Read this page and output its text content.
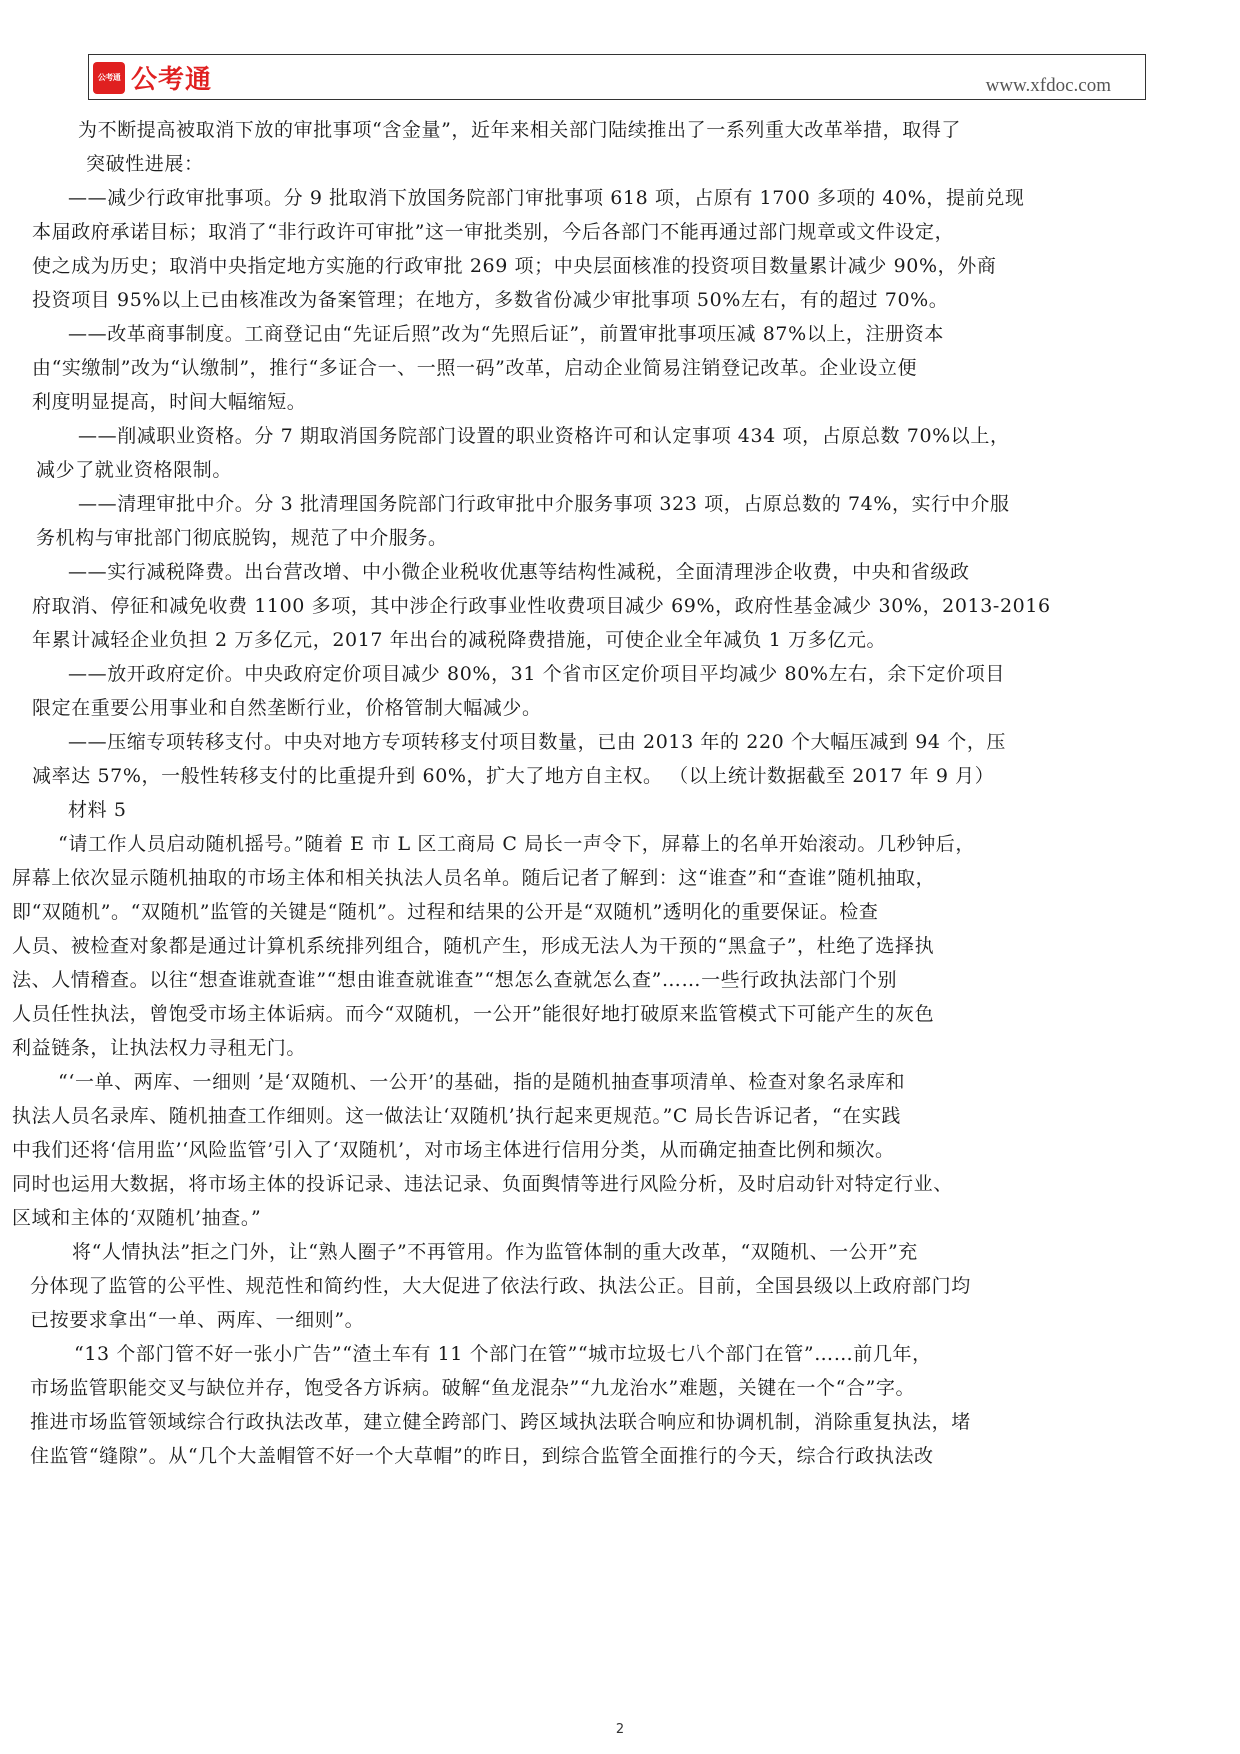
公考通 公考通	www.xfdoc.com
为不断提高被取消下放的审批事项“含金量”，近年来相关部门陆续推出了一系列重大改革举措，取得了
突破性进展：
——减少行政审批事项。分 9 批取消下放国务院部门审批事项 618 项，占原有 1700 多项的 40%，提前兑现
本届政府承诺目标；取消了“非行政许可审批”这一审批类别，今后各部门不能再通过部门规章或文件设定，
使之成为历史；取消中央指定地方实施的行政审批 269 项；中央层面核准的投资项目数量累计减少 90%，外商
投资项目 95%以上已由核准改为备案管理；在地方，多数省份减少审批事项 50%左右，有的超过 70%。
——改革商事制度。工商登记由“先证后照”改为“先照后证”，前置审批事项压减 87%以上，注册资本
由“实缴制”改为“认缴制”，推行“多证合一、一照一码”改革，启动企业简易注销登记改革。企业设立便
利度明显提高，时间大幅缩短。
——削减职业资格。分 7 期取消国务院部门设置的职业资格许可和认定事项 434 项，占原总数 70%以上，
减少了就业资格限制。
——清理审批中介。分 3 批清理国务院部门行政审批中介服务事项 323 项，占原总数的 74%，实行中介服
务机构与审批部门彻底脱钩，规范了中介服务。
——实行减税降费。出台营改增、中小微企业税收优惠等结构性减税，全面清理涉企收费，中央和省级政
府取消、停征和减免收费 1100 多项，其中涉企行政事业性收费项目减少 69%，政府性基金减少 30%，2013-2016
年累计减轻企业负担 2 万多亿元，2017 年出台的减税降费措施，可使企业全年减负 1 万多亿元。
——放开政府定价。中央政府定价项目减少 80%，31 个省市区定价项目平均减少 80%左右，余下定价项目
限定在重要公用事业和自然垄断行业，价格管制大幅减少。
——压缩专项转移支付。中央对地方专项转移支付项目数量，已由 2013 年的 220 个大幅压减到 94 个，压
减率达 57%，一般性转移支付的比重提升到 60%，扩大了地方自主权。 （以上统计数据截至 2017 年 9 月）
材料 5
“请工作人员启动随机摇号。”随着 E 市 L 区工商局 C 局长一声令下，屏幕上的名单开始滚动。几秒钟后，
屏幕上依次显示随机抽取的市场主体和相关执法人员名单。随后记者了解到：这“谁查”和“查谁”随机抽取，
即“双随机”。“双随机”监管的关键是“随机”。过程和结果的公开是“双随机”透明化的重要保证。检查
人员、被检查对象都是通过计算机系统排列组合，随机产生，形成无法人为干预的“黑盒子”，杜绝了选择执
法、人情稽查。以往“想查谁就查谁”“想由谁查就谁查”“想怎么查就怎么查”……一些行政执法部门个别
人员任性执法，曾饱受市场主体诟病。而今“双随机，一公开”能很好地打破原来监管模式下可能产生的灰色
利益链条，让执法权力寻租无门。
“‘一单、两库、一细则 ’是‘双随机、一公开’的基础，指的是随机抽查事项清单、检查对象名录库和
执法人员名录库、随机抽查工作细则。这一做法让‘双随机’执行起来更规范。”C 局长告诉记者，“在实践
中我们还将‘信用监’‘风险监管’引入了‘双随机’，对市场主体进行信用分类，从而确定抽查比例和频次。
同时也运用大数据，将市场主体的投诉记录、违法记录、负面舆情等进行风险分析，及时启动针对特定行业、
区域和主体的‘双随机’抽查。”
将“人情执法”拒之门外，让“熟人圈子”不再管用。作为监管体制的重大改革，“双随机、一公开”充
分体现了监管的公平性、规范性和简约性，大大促进了依法行政、执法公正。目前，全国县级以上政府部门均
已按要求拿出“一单、两库、一细则”。
“13 个部门管不好一张小广告”“渣土车有 11 个部门在管”“城市垃圾七八个部门在管”……前几年，
市场监管职能交叉与缺位并存，饱受各方诉病。破解“鱼龙混杂”“九龙治水”难题，关键在一个“合”字。
推进市场监管领域综合行政执法改革，建立健全跨部门、跨区域执法联合响应和协调机制，消除重复执法，堵
住监管“缝隙”。从“几个大盖帽管不好一个大草帽”的昨日，到综合监管全面推行的今天，综合行政执法改
2
